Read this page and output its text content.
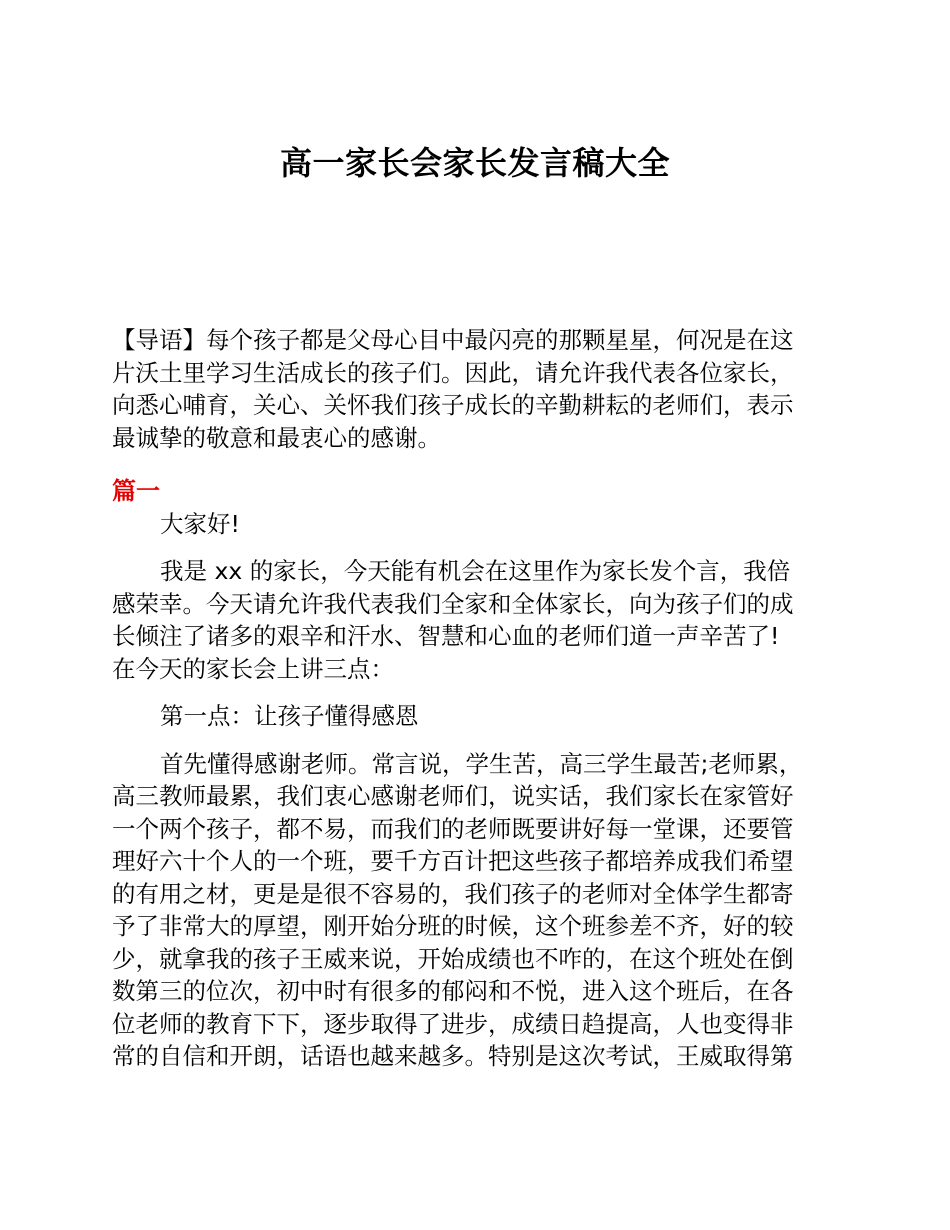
高一家长会家长发言稿大全
【导语】每个孩子都是父母心目中最闪亮的那颗星星，何况是在这
片沃土里学习生活成长的孩子们。因此，请允许我代表各位家长，
向悉心哺育，关心、关怀我们孩子成长的辛勤耕耘的老师们，表示
最诚挚的敬意和最衷心的感谢。
篇一
大家好!
我是 xx 的家长，今天能有机会在这里作为家长发个言，我倍
感荣幸。今天请允许我代表我们全家和全体家长，向为孩子们的成
长倾注了诸多的艰辛和汗水、智慧和心血的老师们道一声辛苦了!
在今天的家长会上讲三点：
第一点：让孩子懂得感恩
首先懂得感谢老师。常言说，学生苦，高三学生最苦;老师累，
高三教师最累，我们衷心感谢老师们，说实话，我们家长在家管好
一个两个孩子，都不易，而我们的老师既要讲好每一堂课，还要管
理好六十个人的一个班，要千方百计把这些孩子都培养成我们希望
的有用之材，更是是很不容易的，我们孩子的老师对全体学生都寄
予了非常大的厚望，刚开始分班的时候，这个班参差不齐，好的较
少，就拿我的孩子王威来说，开始成绩也不咋的，在这个班处在倒
数第三的位次，初中时有很多的郁闷和不悦，进入这个班后，在各
位老师的教育下下，逐步取得了进步，成绩日趋提高，人也变得非
常的自信和开朗，话语也越来越多。特别是这次考试，王威取得第
